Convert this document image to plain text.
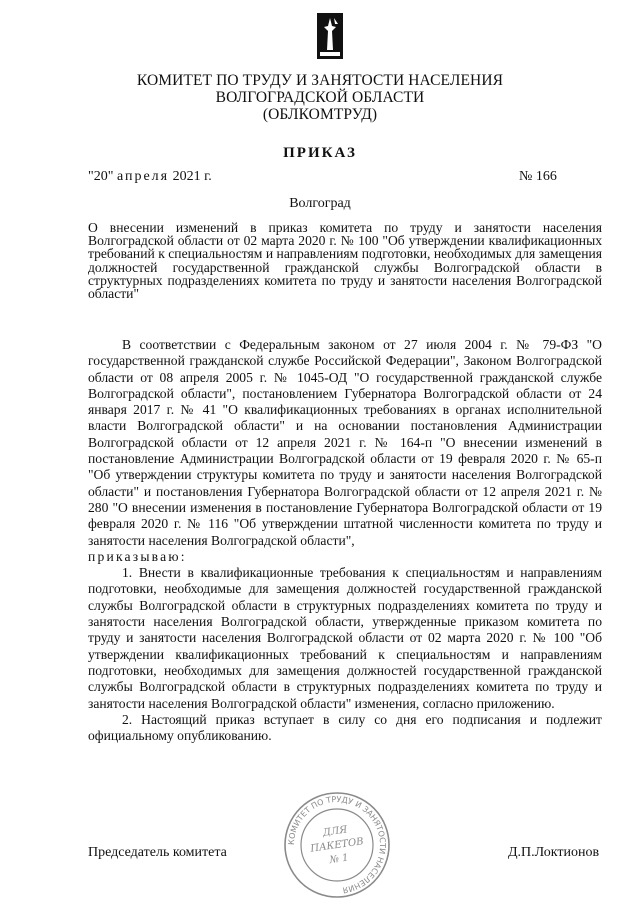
КОМИТЕТ ПО ТРУДУ И ЗАНЯТОСТИ НАСЕЛЕНИЯ
ВОЛГОГРАДСКОЙ ОБЛАСТИ
(ОБЛКОМТРУД)
ПРИКАЗ
"20" апреля 2021 г.	№ 166
Волгоград
О внесении изменений в приказ комитета по труду и занятости населения Волгоградской области от 02 марта 2020 г. № 100 "Об утверждении квалификационных требований к специальностям и направлениям подготовки, необходимых для замещения должностей государственной гражданской службы Волгоградской области в структурных подразделениях комитета по труду и занятости населения Волгоградской области"

В соответствии с Федеральным законом от 27 июля 2004 г. № 79-ФЗ "О государственной гражданской службе Российской Федерации", Законом Волгоградской области от 08 апреля 2005 г. № 1045-ОД "О государственной гражданской службе Волгоградской области", постановлением Губернатора Волгоградской области от 24 января 2017 г. № 41 "О квалификационных требованиях в органах исполнительной власти Волгоградской области" и на основании постановления Администрации Волгоградской области от 12 апреля 2021 г. № 164-п "О внесении изменений в постановление Администрации Волгоградской области от 19 февраля 2020 г. № 65-п "Об утверждении структуры комитета по труду и занятости населения Волгоградской области" и постановления Губернатора Волгоградской области от 12 апреля 2021 г. № 280 "О внесении изменения в постановление Губернатора Волгоградской области от 19 февраля 2020 г. № 116 "Об утверждении штатной численности комитета по труду и занятости населения Волгоградской области",

приказываю:

1. Внести в квалификационные требования к специальностям и направлениям подготовки, необходимые для замещения должностей государственной гражданской службы Волгоградской области в структурных подразделениях комитета по труду и занятости населения Волгоградской области, утвержденные приказом комитета по труду и занятости населения Волгоградской области от 02 марта 2020 г. № 100 "Об утверждении квалификационных требований к специальностям и направлениям подготовки, необходимых для замещения должностей государственной гражданской службы Волгоградской области в структурных подразделениях комитета по труду и занятости населения Волгоградской области" изменения, согласно приложению.

2. Настоящий приказ вступает в силу со дня его подписания и подлежит официальному опубликованию.

Председатель комитета	Д.П.Локтионов
КОМИТЕТ ПО ТРУДУ И ЗАНЯТОСТИ НАСЕЛЕНИЯ
ДЛЯ
ПАКЕТОВ
№ 1
